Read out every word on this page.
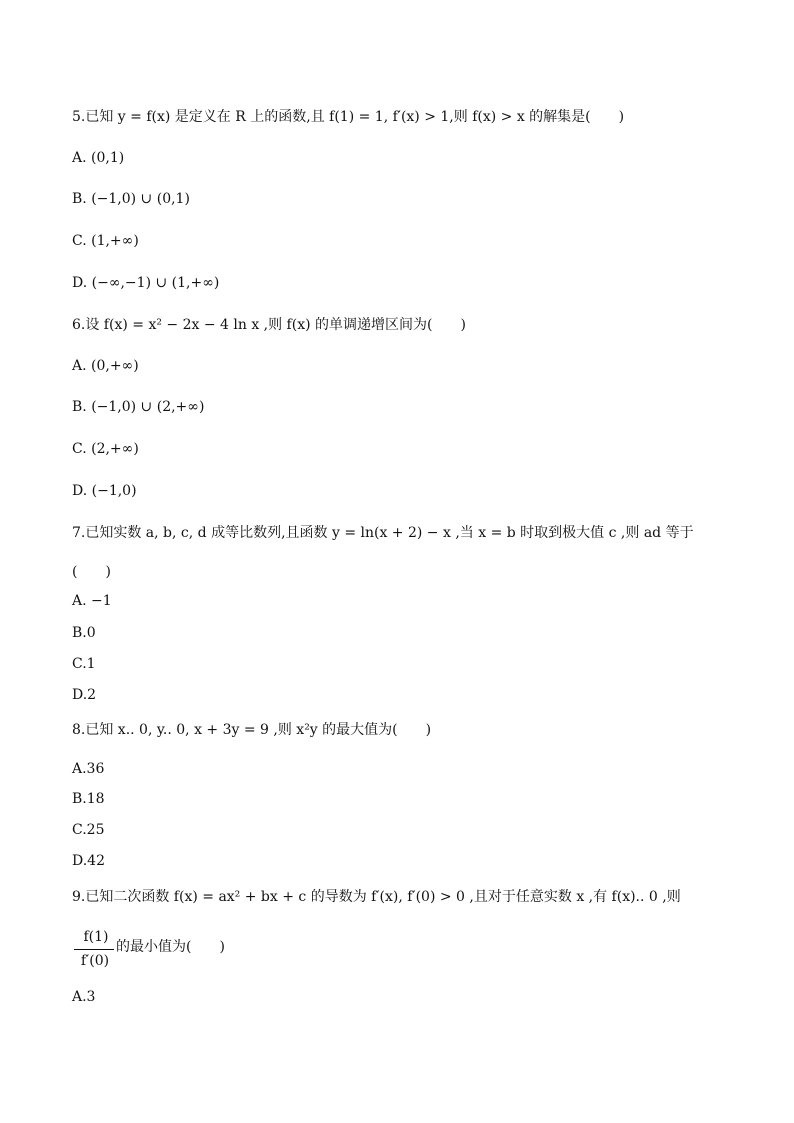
5.已知 y = f(x) 是定义在 R 上的函数,且 f(1) = 1, f′(x) > 1,则 f(x) > x 的解集是(　　)
A. (0,1)
B. (−1,0) ∪ (0,1)
C. (1,+∞)
D. (−∞,−1) ∪ (1,+∞)
6.设 f(x) = x² − 2x − 4 ln x ,则 f(x) 的单调递增区间为(　　)
A. (0,+∞)
B. (−1,0) ∪ (2,+∞)
C. (2,+∞)
D. (−1,0)
7.已知实数 a, b, c, d 成等比数列,且函数 y = ln(x + 2) − x ,当 x = b 时取到极大值 c ,则 ad 等于
(　　)
A. −1
B.0
C.1
D.2
8.已知 x.. 0, y.. 0, x + 3y = 9 ,则 x²y 的最大值为(　　)
A.36
B.18
C.25
D.42
9.已知二次函数 f(x) = ax² + bx + c 的导数为 f′(x), f′(0) > 0 ,且对于任意实数 x ,有 f(x).. 0 ,则
f(1)
f′(0)
的最小值为(　　)
A.3
